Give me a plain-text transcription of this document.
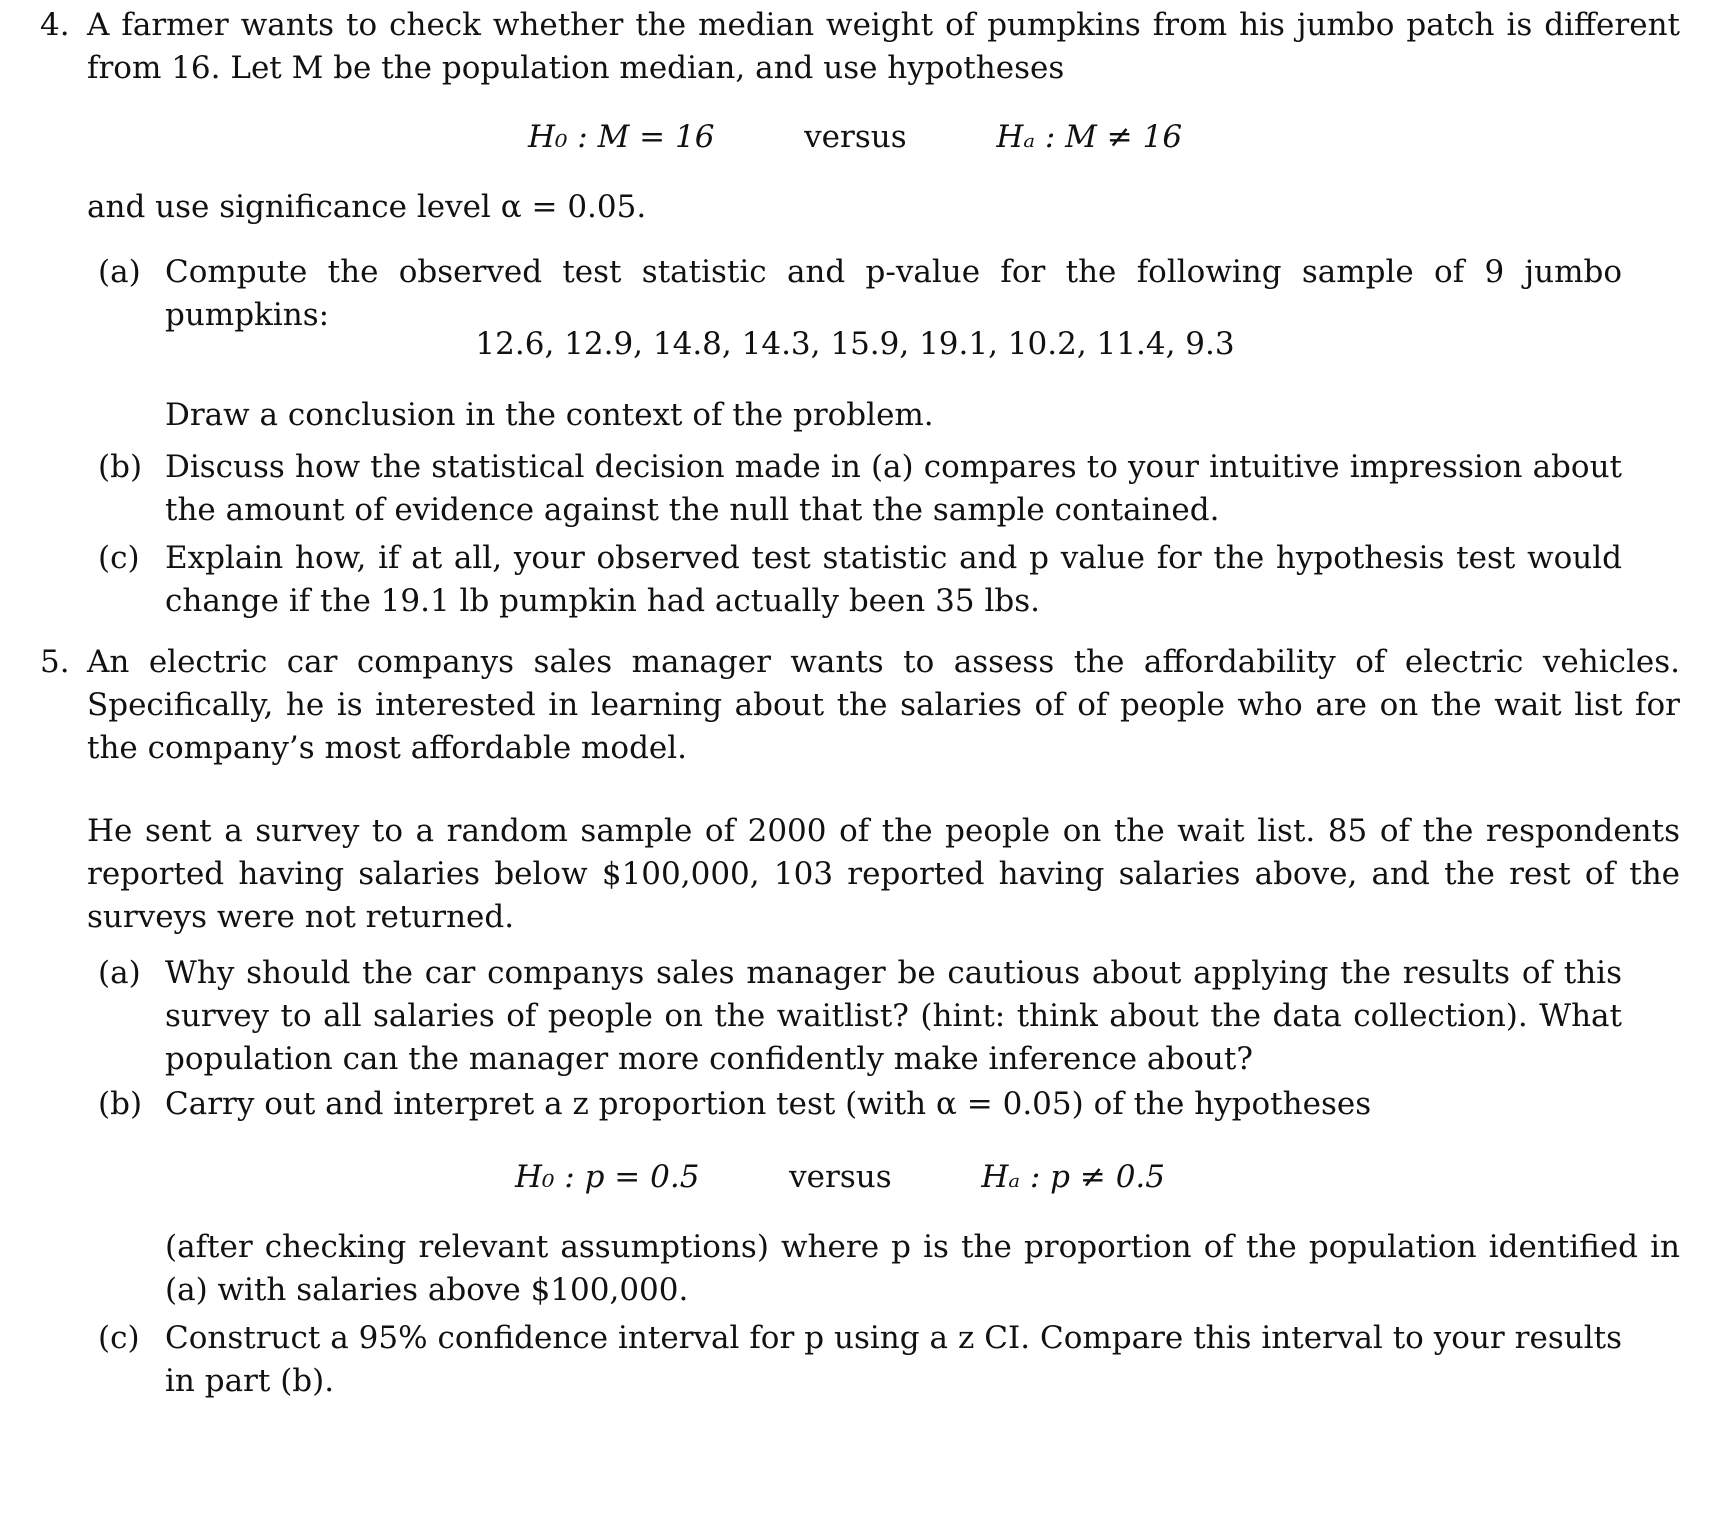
4. A farmer wants to check whether the median weight of pumpkins from his jumbo patch is different from 16. Let M be the population median, and use hypotheses
H₀ : M = 16	versus	Hₐ : M ≠ 16
and use significance level α = 0.05.
(a) Compute the observed test statistic and p-value for the following sample of 9 jumbo pumpkins:
12.6, 12.9, 14.8, 14.3, 15.9, 19.1, 10.2, 11.4, 9.3
Draw a conclusion in the context of the problem.
(b) Discuss how the statistical decision made in (a) compares to your intuitive impression about the amount of evidence against the null that the sample contained.
(c) Explain how, if at all, your observed test statistic and p value for the hypothesis test would change if the 19.1 lb pumpkin had actually been 35 lbs.
5. An electric car companys sales manager wants to assess the affordability of electric vehicles. Specifically, he is interested in learning about the salaries of of people who are on the wait list for the company’s most affordable model.
He sent a survey to a random sample of 2000 of the people on the wait list. 85 of the respondents reported having salaries below $100,000, 103 reported having salaries above, and the rest of the surveys were not returned.
(a) Why should the car companys sales manager be cautious about applying the results of this survey to all salaries of people on the waitlist? (hint: think about the data collection). What population can the manager more confidently make inference about?
(b) Carry out and interpret a z proportion test (with α = 0.05) of the hypotheses
H₀ : p = 0.5	versus	Hₐ : p ≠ 0.5
(after checking relevant assumptions) where p is the proportion of the population identified in (a) with salaries above $100,000.
(c) Construct a 95% confidence interval for p using a z CI. Compare this interval to your results in part (b).
